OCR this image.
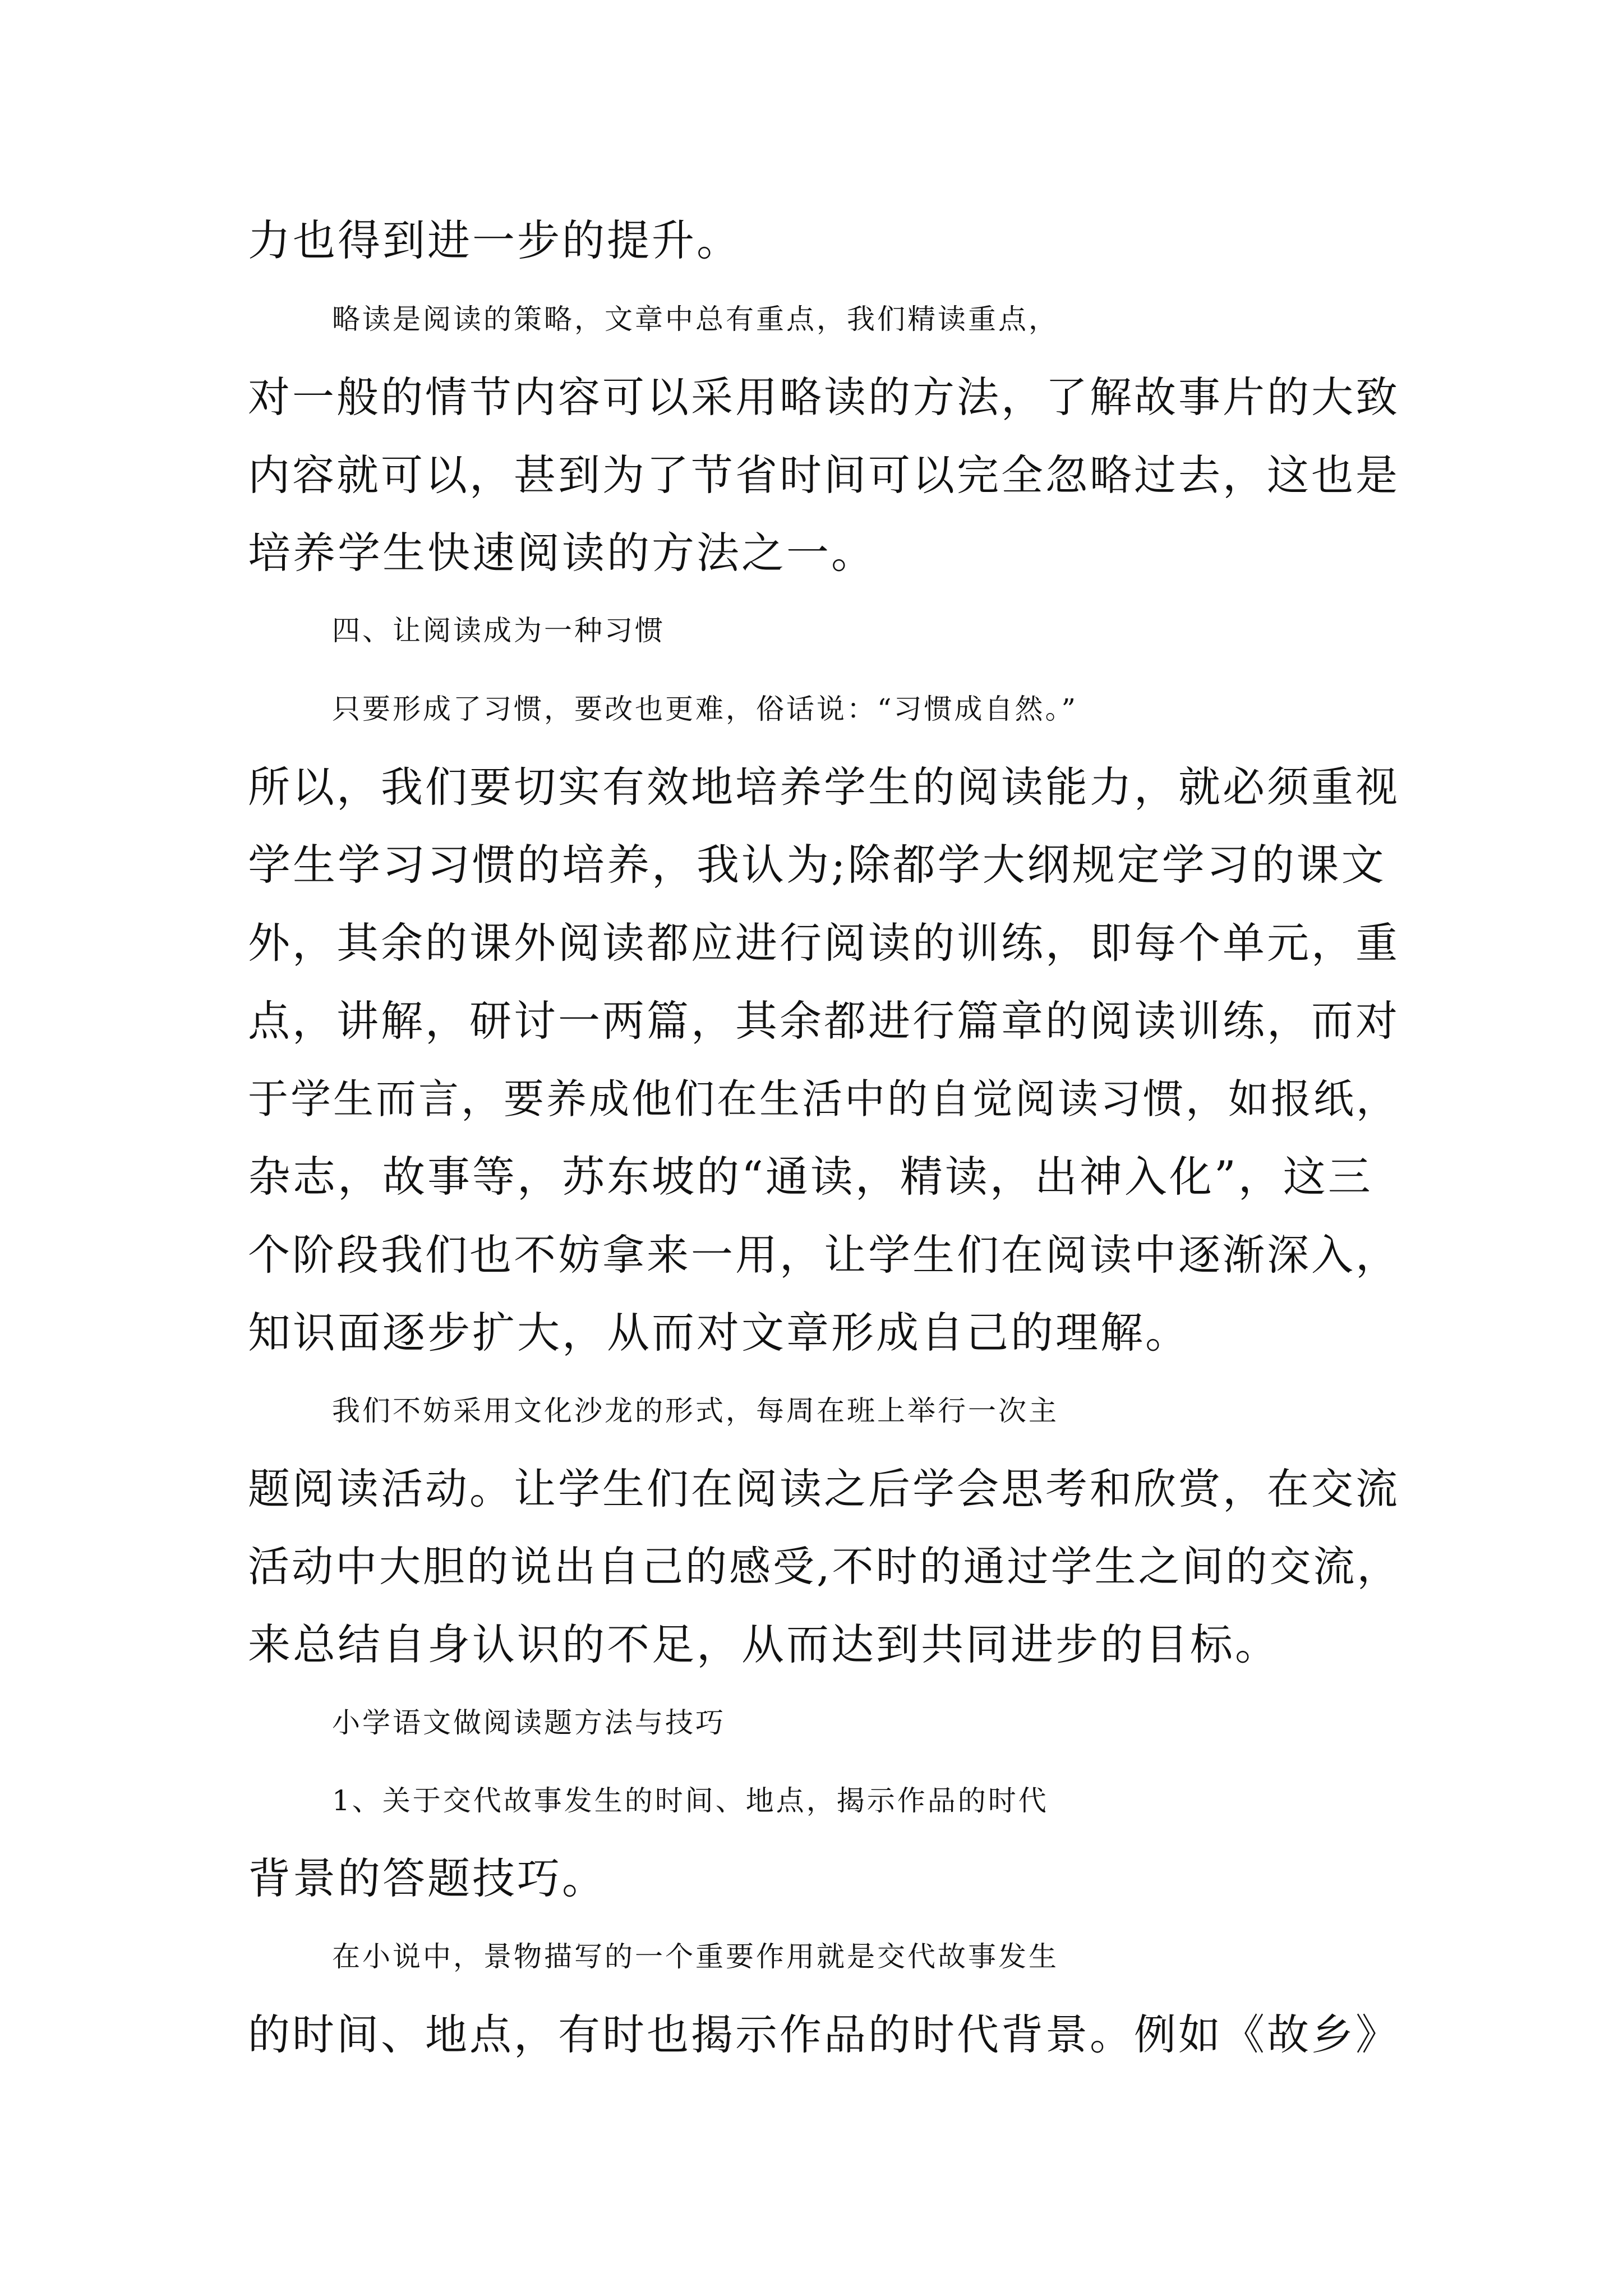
力也得到进一步的提升。
略读是阅读的策略，文章中总有重点，我们精读重点，
对一般的情节内容可以采用略读的方法，了解故事片的大致
内容就可以，甚到为了节省时间可以完全忽略过去，这也是
培养学生快速阅读的方法之一。
四、让阅读成为一种习惯
只要形成了习惯，要改也更难，俗话说：“习惯成自然。”
所以，我们要切实有效地培养学生的阅读能力，就必须重视
学生学习习惯的培养，我认为;除都学大纲规定学习的课文
外，其余的课外阅读都应进行阅读的训练，即每个单元，重
点，讲解，研讨一两篇，其余都进行篇章的阅读训练，而对
于学生而言，要养成他们在生活中的自觉阅读习惯，如报纸，
杂志，故事等，苏东坡的“通读，精读，出神入化”，这三
个阶段我们也不妨拿来一用，让学生们在阅读中逐渐深入，
知识面逐步扩大，从而对文章形成自己的理解。
我们不妨采用文化沙龙的形式，每周在班上举行一次主
题阅读活动。让学生们在阅读之后学会思考和欣赏，在交流
活动中大胆的说出自己的感受,不时的通过学生之间的交流，
来总结自身认识的不足，从而达到共同进步的目标。
小学语文做阅读题方法与技巧
1、关于交代故事发生的时间、地点，揭示作品的时代
背景的答题技巧。
在小说中，景物描写的一个重要作用就是交代故事发生
的时间、地点，有时也揭示作品的时代背景。例如《故乡》
